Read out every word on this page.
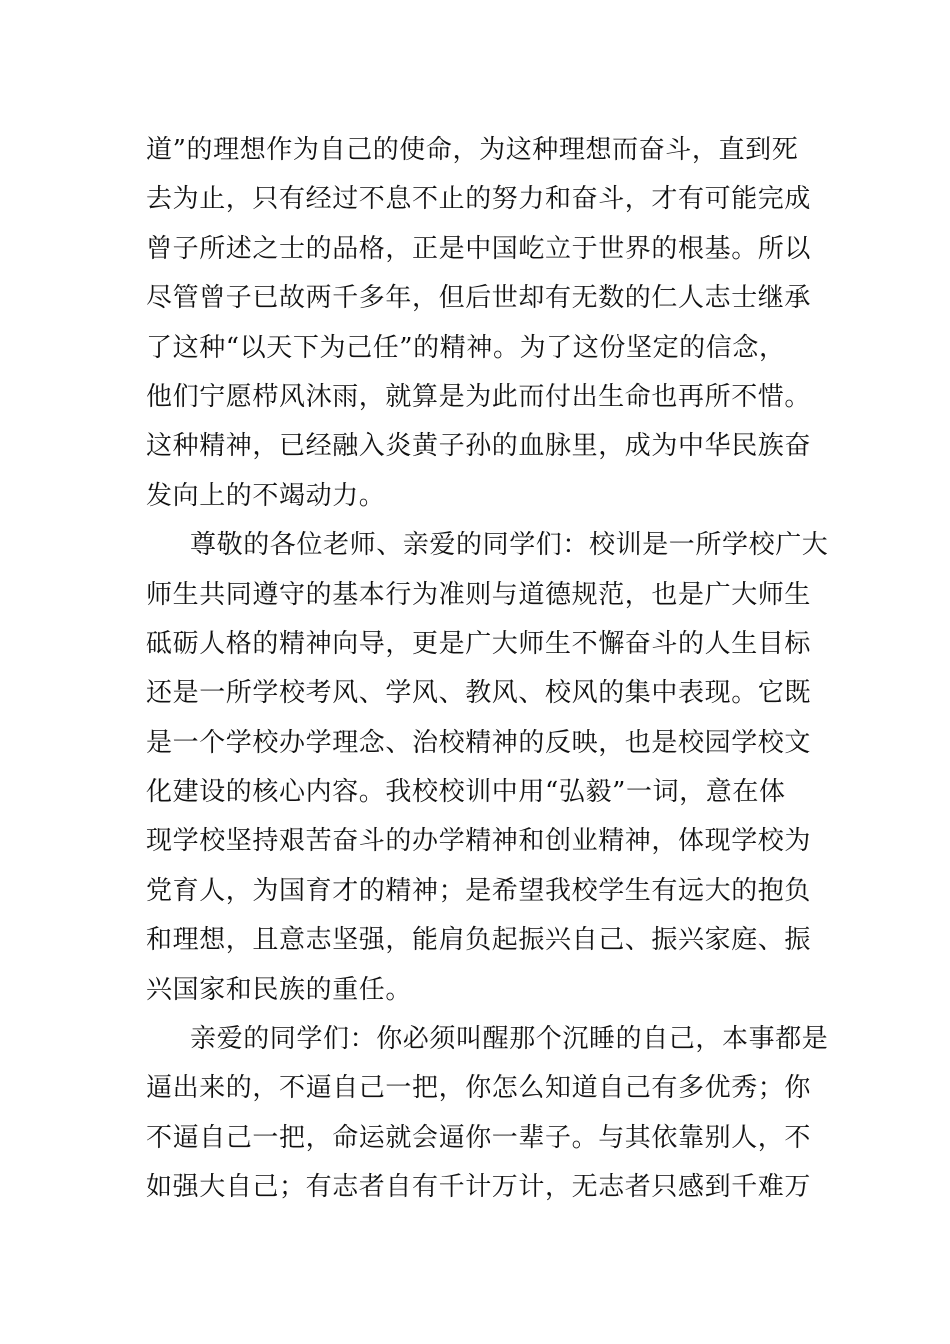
道”的理想作为自己的使命，为这种理想而奋斗，直到死
去为止，只有经过不息不止的努力和奋斗，才有可能完成
曾子所述之士的品格，正是中国屹立于世界的根基。所以
尽管曾子已故两千多年，但后世却有无数的仁人志士继承
了这种“以天下为己任”的精神。为了这份坚定的信念，
他们宁愿栉风沐雨，就算是为此而付出生命也再所不惜。
这种精神，已经融入炎黄子孙的血脉里，成为中华民族奋
发向上的不竭动力。
尊敬的各位老师、亲爱的同学们：校训是一所学校广大
师生共同遵守的基本行为准则与道德规范，也是广大师生
砥砺人格的精神向导，更是广大师生不懈奋斗的人生目标
还是一所学校考风、学风、教风、校风的集中表现。它既
是一个学校办学理念、治校精神的反映，也是校园学校文
化建设的核心内容。我校校训中用“弘毅”一词，意在体
现学校坚持艰苦奋斗的办学精神和创业精神，体现学校为
党育人，为国育才的精神；是希望我校学生有远大的抱负
和理想，且意志坚强，能肩负起振兴自己、振兴家庭、振
兴国家和民族的重任。
亲爱的同学们：你必须叫醒那个沉睡的自己，本事都是
逼出来的，不逼自己一把，你怎么知道自己有多优秀；你
不逼自己一把，命运就会逼你一辈子。与其依靠别人，不
如强大自己；有志者自有千计万计，无志者只感到千难万
